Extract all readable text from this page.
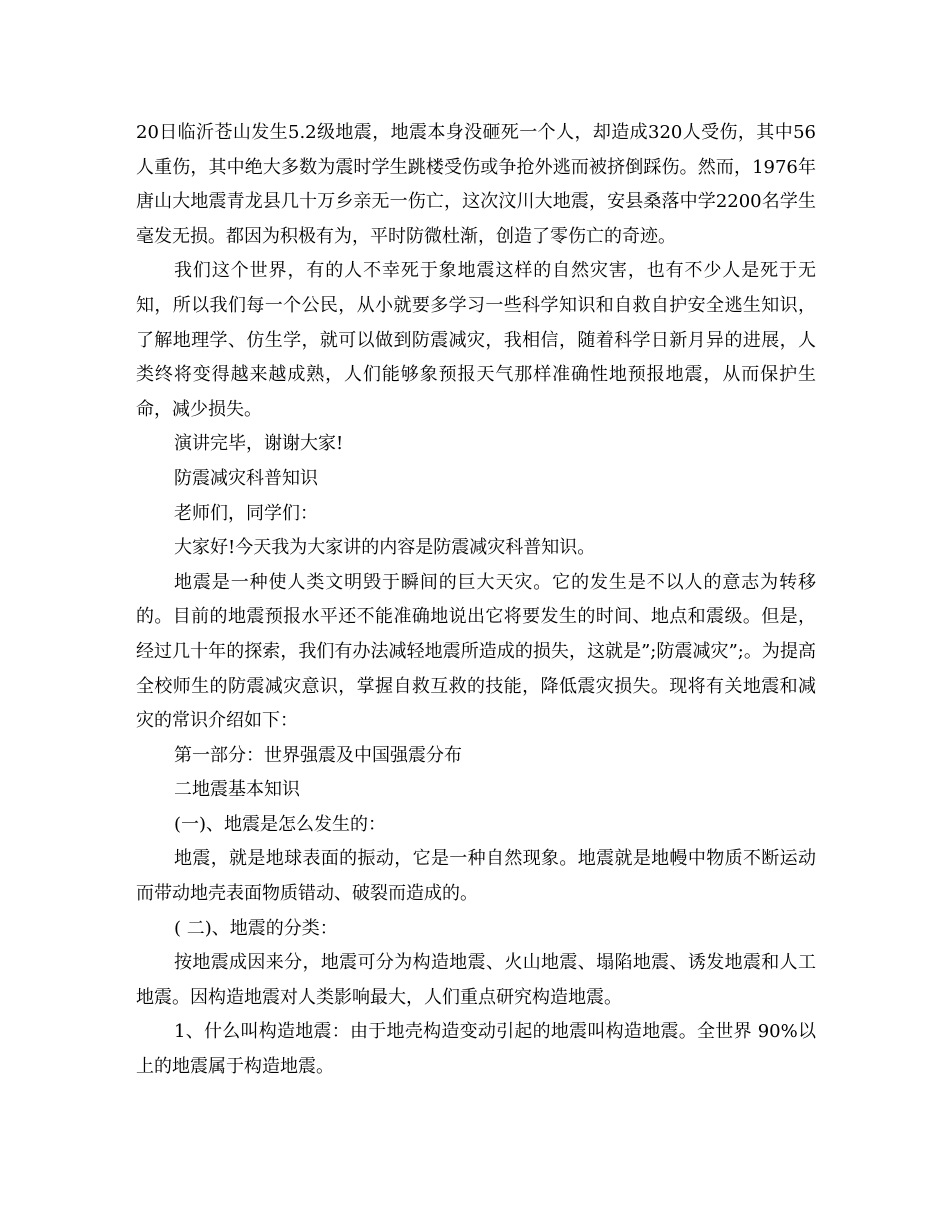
20日临沂苍山发生5.2级地震，地震本身没砸死一个人，却造成320人受伤，其中56人重伤，其中绝大多数为震时学生跳楼受伤或争抢外逃而被挤倒踩伤。然而，1976年唐山大地震青龙县几十万乡亲无一伤亡，这次汶川大地震，安县桑落中学2200名学生毫发无损。都因为积极有为，平时防微杜渐，创造了零伤亡的奇迹。

我们这个世界，有的人不幸死于象地震这样的自然灾害，也有不少人是死于无知，所以我们每一个公民，从小就要多学习一些科学知识和自救自护安全逃生知识，了解地理学、仿生学，就可以做到防震减灾，我相信，随着科学日新月异的进展，人类终将变得越来越成熟，人们能够象预报天气那样准确性地预报地震，从而保护生命，减少损失。

演讲完毕，谢谢大家!

防震减灾科普知识

老师们，同学们：

大家好!今天我为大家讲的内容是防震减灾科普知识。

地震是一种使人类文明毁于瞬间的巨大天灾。它的发生是不以人的意志为转移的。目前的地震预报水平还不能准确地说出它将要发生的时间、地点和震级。但是，经过几十年的探索，我们有办法减轻地震所造成的损失，这就是”;防震减灾”;。为提高全校师生的防震减灾意识，掌握自救互救的技能，降低震灾损失。现将有关地震和减灾的常识介绍如下：

第一部分：世界强震及中国强震分布

二地震基本知识

(一)、地震是怎么发生的：

地震，就是地球表面的振动，它是一种自然现象。地震就是地幔中物质不断运动而带动地壳表面物质错动、破裂而造成的。

( 二)、地震的分类：

按地震成因来分，地震可分为构造地震、火山地震、塌陷地震、诱发地震和人工地震。因构造地震对人类影响最大，人们重点研究构造地震。

1、什么叫构造地震：由于地壳构造变动引起的地震叫构造地震。全世界 90%以上的地震属于构造地震。
